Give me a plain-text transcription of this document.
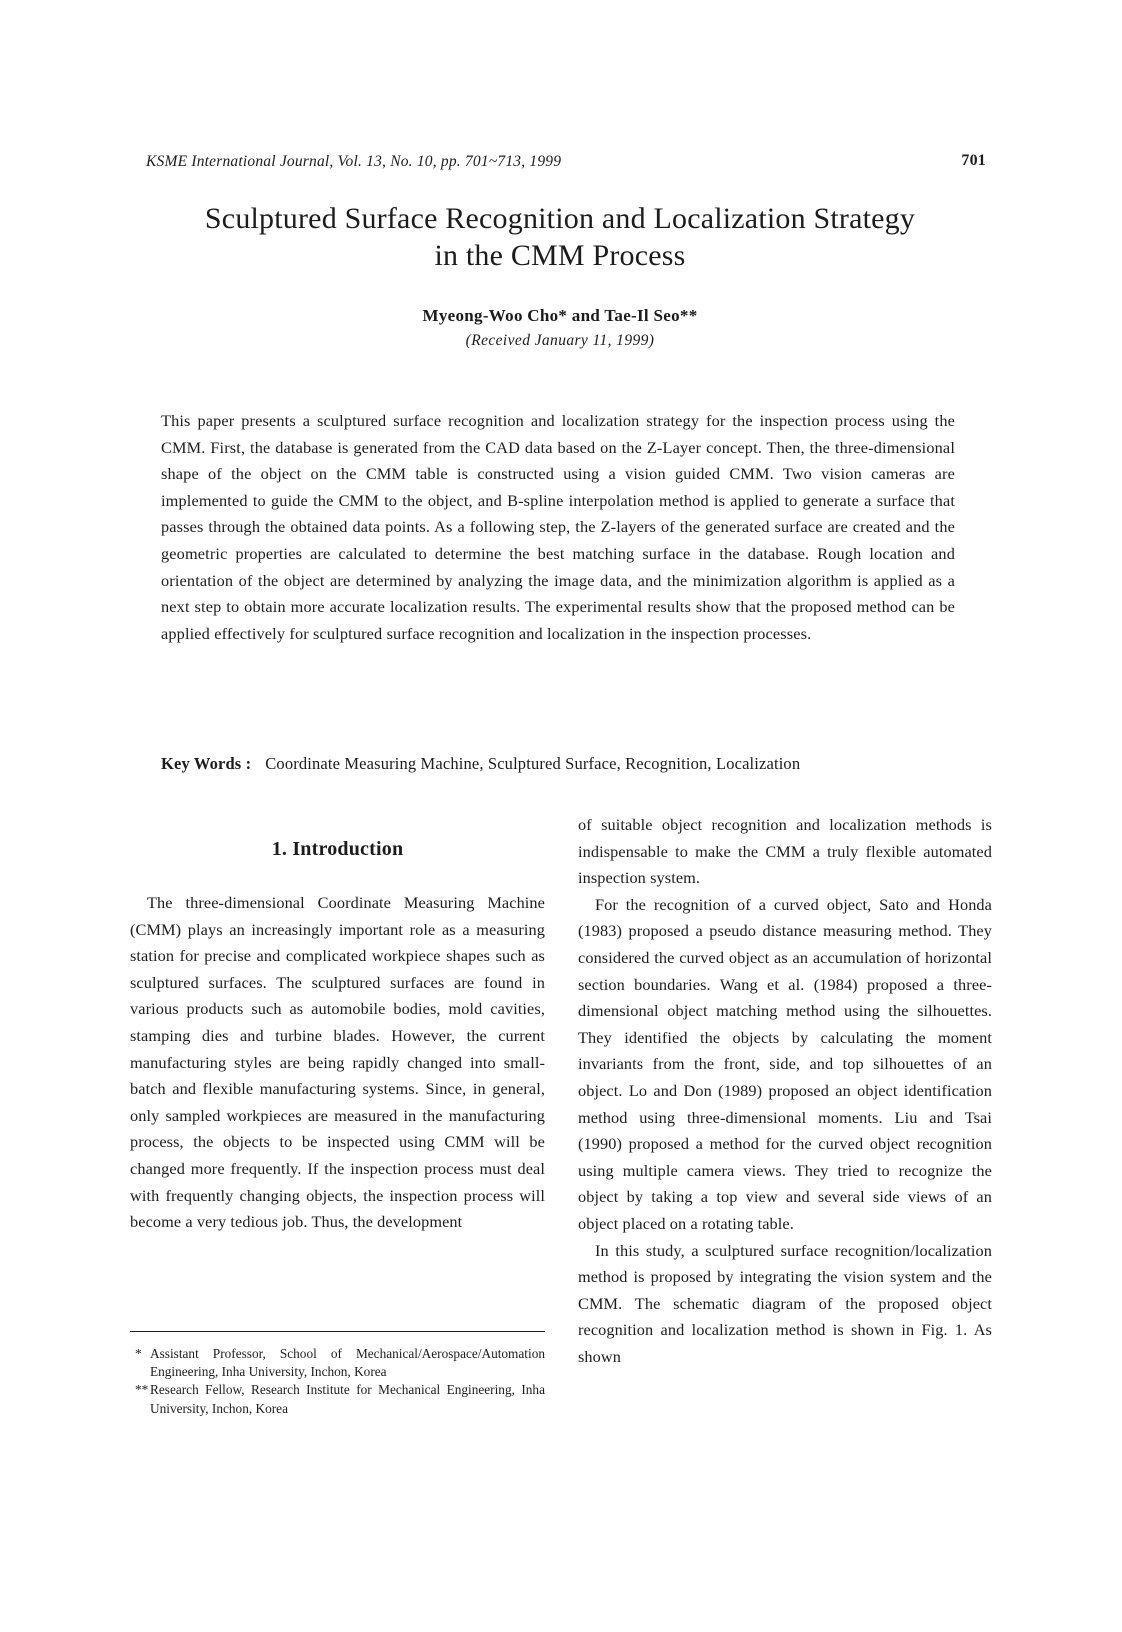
KSME International Journal, Vol. 13, No. 10, pp. 701~713, 1999	701
Sculptured Surface Recognition and Localization Strategy
in the CMM Process
Myeong-Woo Cho* and Tae-Il Seo**
(Received January 11, 1999)

This paper presents a sculptured surface recognition and localization strategy for the inspection process using the CMM. First, the database is generated from the CAD data based on the Z-Layer concept. Then, the three-dimensional shape of the object on the CMM table is constructed using a vision guided CMM. Two vision cameras are implemented to guide the CMM to the object, and B-spline interpolation method is applied to generate a surface that passes through the obtained data points. As a following step, the Z-layers of the generated surface are created and the geometric properties are calculated to determine the best matching surface in the database. Rough location and orientation of the object are determined by analyzing the image data, and the minimization algorithm is applied as a next step to obtain more accurate localization results. The experimental results show that the proposed method can be applied effectively for sculptured surface recognition and localization in the inspection processes.

Key Words : Coordinate Measuring Machine, Sculptured Surface, Recognition, Localization
1. Introduction

The three-dimensional Coordinate Measuring Machine (CMM) plays an increasingly important role as a measuring station for precise and complicated workpiece shapes such as sculptured surfaces. The sculptured surfaces are found in various products such as automobile bodies, mold cavities, stamping dies and turbine blades. However, the current manufacturing styles are being rapidly changed into small-batch and flexible manufacturing systems. Since, in general, only sampled workpieces are measured in the manufacturing process, the objects to be inspected using CMM will be changed more frequently. If the inspection process must deal with frequently changing objects, the inspection process will become a very tedious job. Thus, the development

of suitable object recognition and localization methods is indispensable to make the CMM a truly flexible automated inspection system.

For the recognition of a curved object, Sato and Honda (1983) proposed a pseudo distance measuring method. They considered the curved object as an accumulation of horizontal section boundaries. Wang et al. (1984) proposed a three-dimensional object matching method using the silhouettes. They identified the objects by calculating the moment invariants from the front, side, and top silhouettes of an object. Lo and Don (1989) proposed an object identification method using three-dimensional moments. Liu and Tsai (1990) proposed a method for the curved object recognition using multiple camera views. They tried to recognize the object by taking a top view and several side views of an object placed on a rotating table.

In this study, a sculptured surface recognition/localization method is proposed by integrating the vision system and the CMM. The schematic diagram of the proposed object recognition and localization method is shown in Fig. 1. As shown

* Assistant Professor, School of Mechanical/Aerospace/Automation Engineering, Inha University, Inchon, Korea

** Research Fellow, Research Institute for Mechanical Engineering, Inha University, Inchon, Korea
